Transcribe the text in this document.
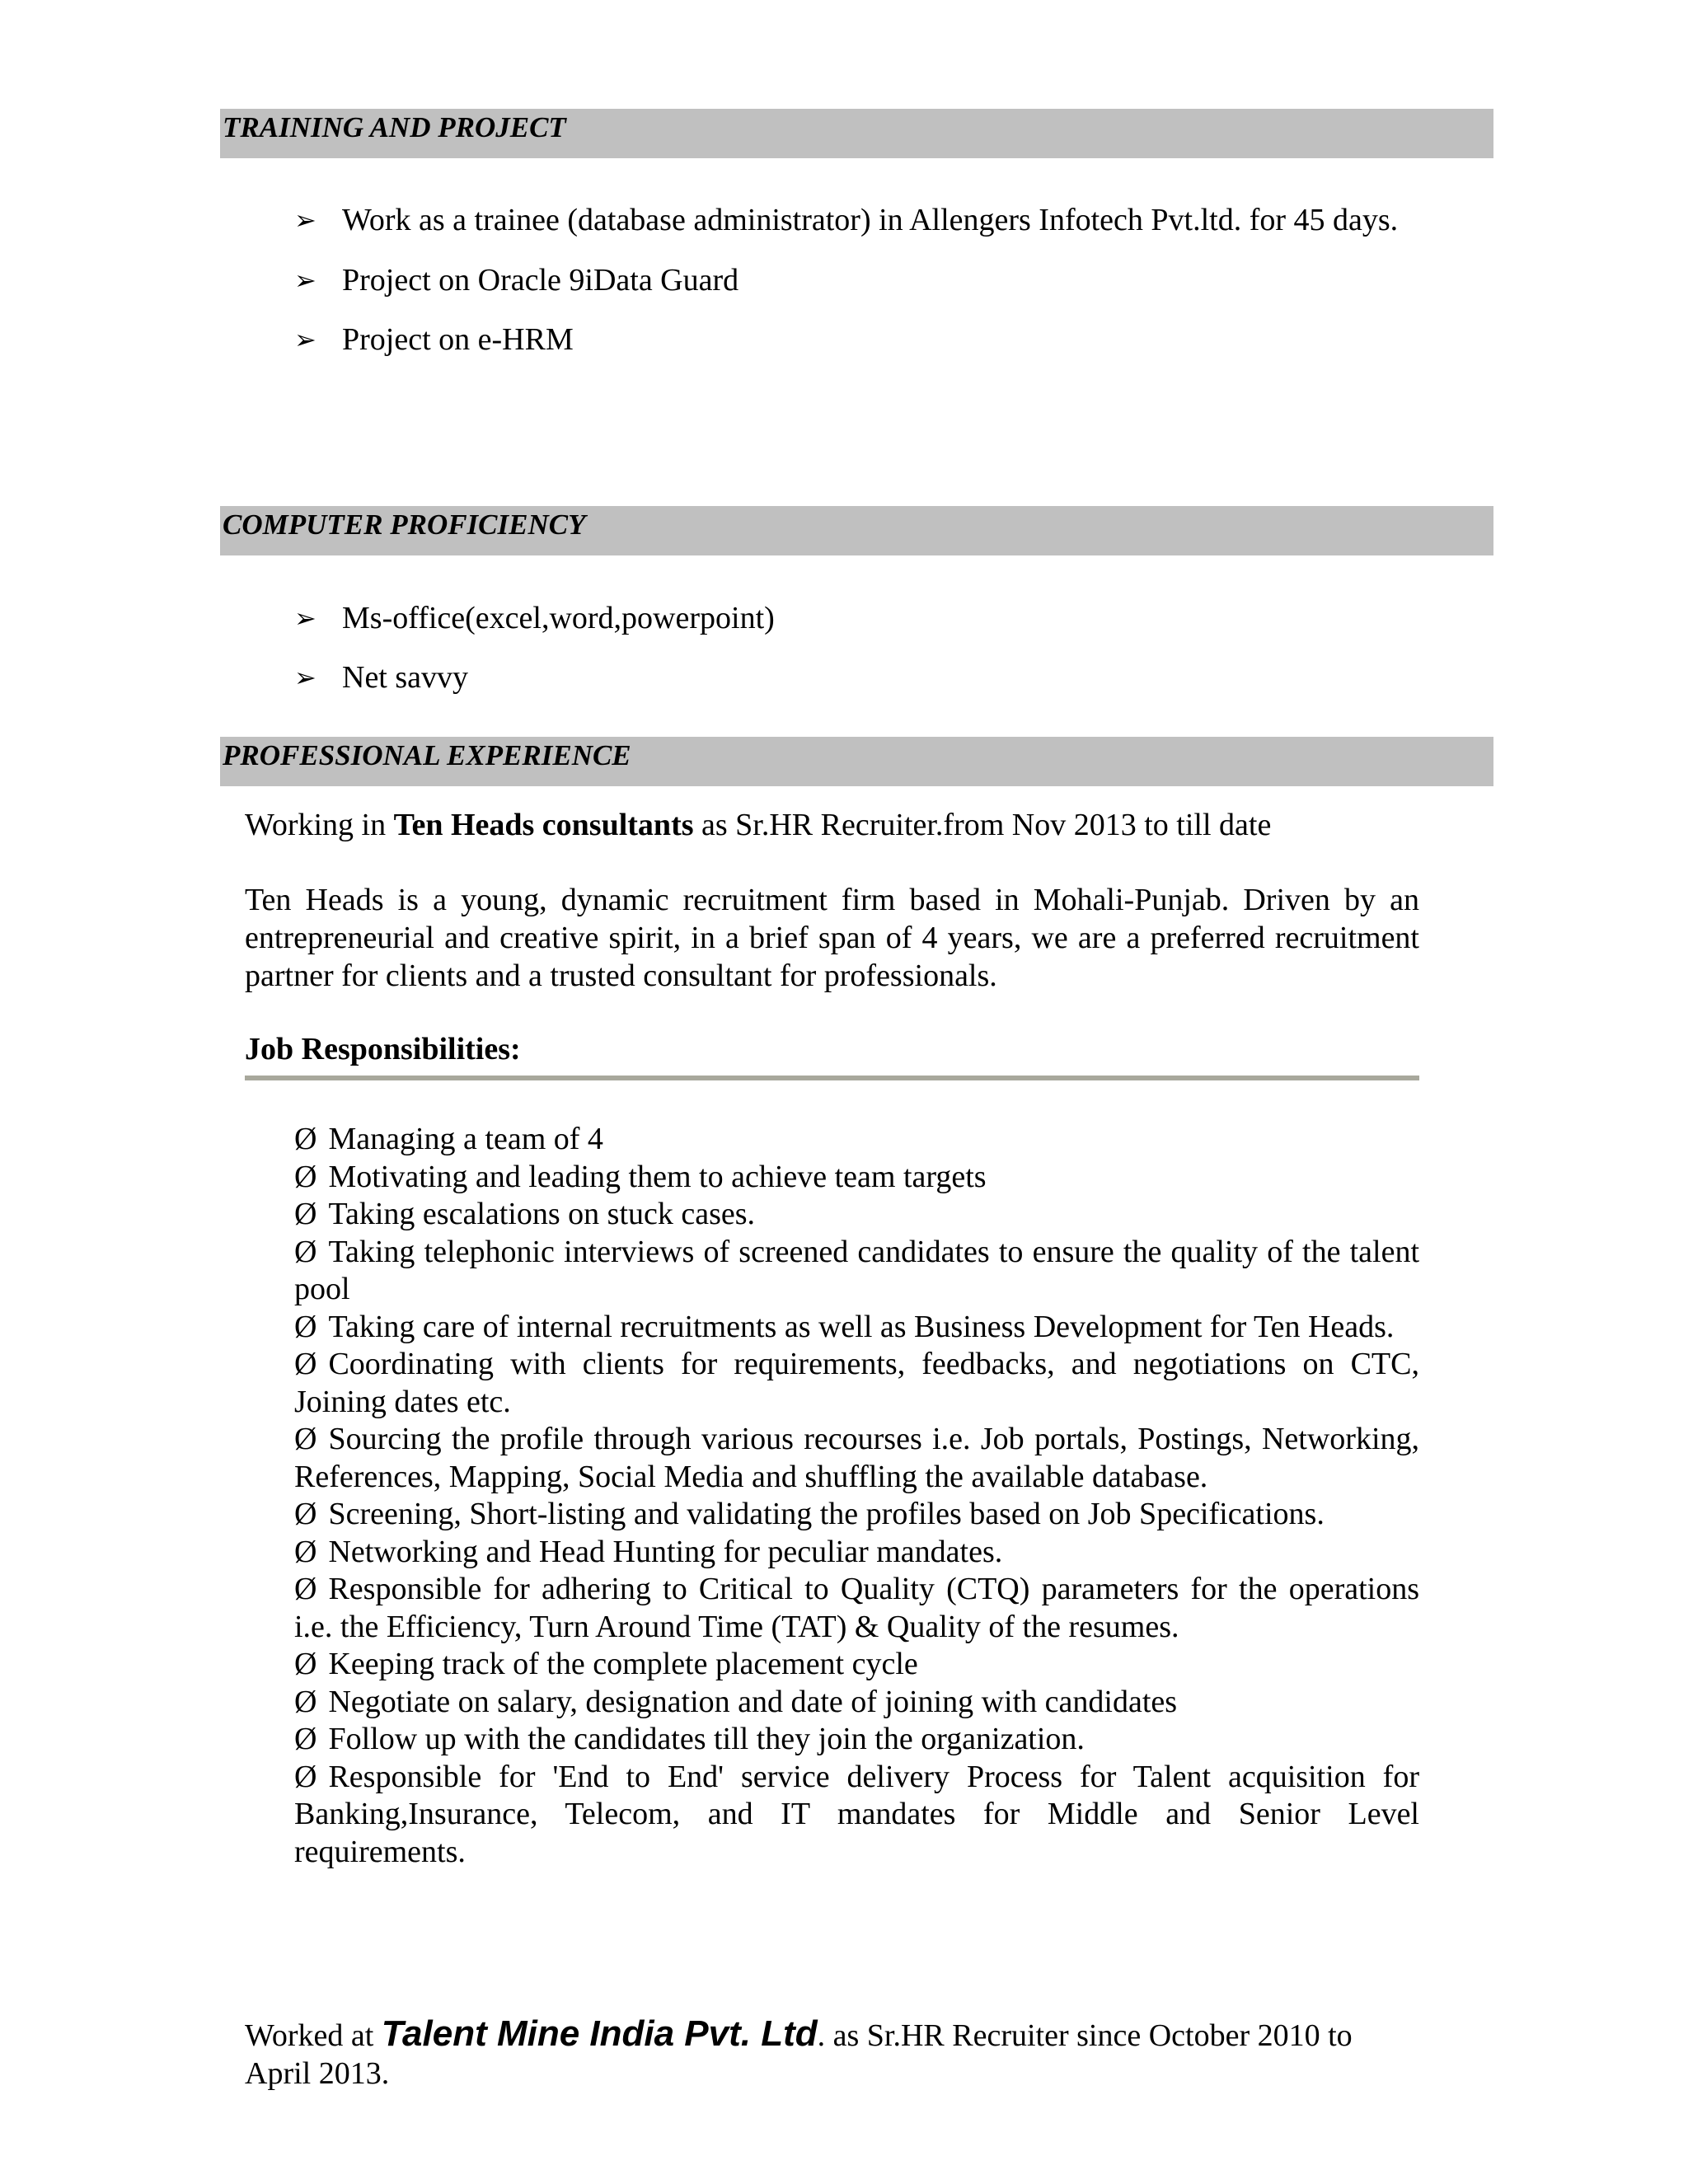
TRAINING AND PROJECT
➢ Work as a trainee (database administrator) in Allengers Infotech Pvt.ltd. for 45 days.
➢ Project on Oracle 9iData Guard
➢ Project on e-HRM
COMPUTER PROFICIENCY
➢ Ms-office(excel,word,powerpoint)
➢ Net savvy
PROFESSIONAL EXPERIENCE

Working in Ten Heads consultants as Sr.HR Recruiter.from Nov 2013 to till date

Ten Heads is a young, dynamic recruitment firm based in Mohali-Punjab. Driven by an entrepreneurial and creative spirit, in a brief span of 4 years, we are a preferred recruitment partner for clients and a trusted consultant for professionals.

Job Responsibilities:
Ø Managing a team of 4
Ø Motivating and leading them to achieve team targets
Ø Taking escalations on stuck cases.
Ø Taking telephonic interviews of screened candidates to ensure the quality of the talent pool
Ø Taking care of internal recruitments as well as Business Development for Ten Heads.
Ø Coordinating with clients for requirements, feedbacks, and negotiations on CTC, Joining dates etc.
Ø Sourcing the profile through various recourses i.e. Job portals, Postings, Networking, References, Mapping, Social Media and shuffling the available database.
Ø Screening, Short-listing and validating the profiles based on Job Specifications.
Ø Networking and Head Hunting for peculiar mandates.
Ø Responsible for adhering to Critical to Quality (CTQ) parameters for the operations i.e. the Efficiency, Turn Around Time (TAT) & Quality of the resumes.
Ø Keeping track of the complete placement cycle
Ø Negotiate on salary, designation and date of joining with candidates
Ø Follow up with the candidates till they join the organization.
Ø Responsible for 'End to End' service delivery Process for Talent acquisition for Banking,Insurance, Telecom, and IT mandates for Middle and Senior Level requirements.

Worked at Talent Mine India Pvt. Ltd. as Sr.HR Recruiter since October 2010 to April 2013.
